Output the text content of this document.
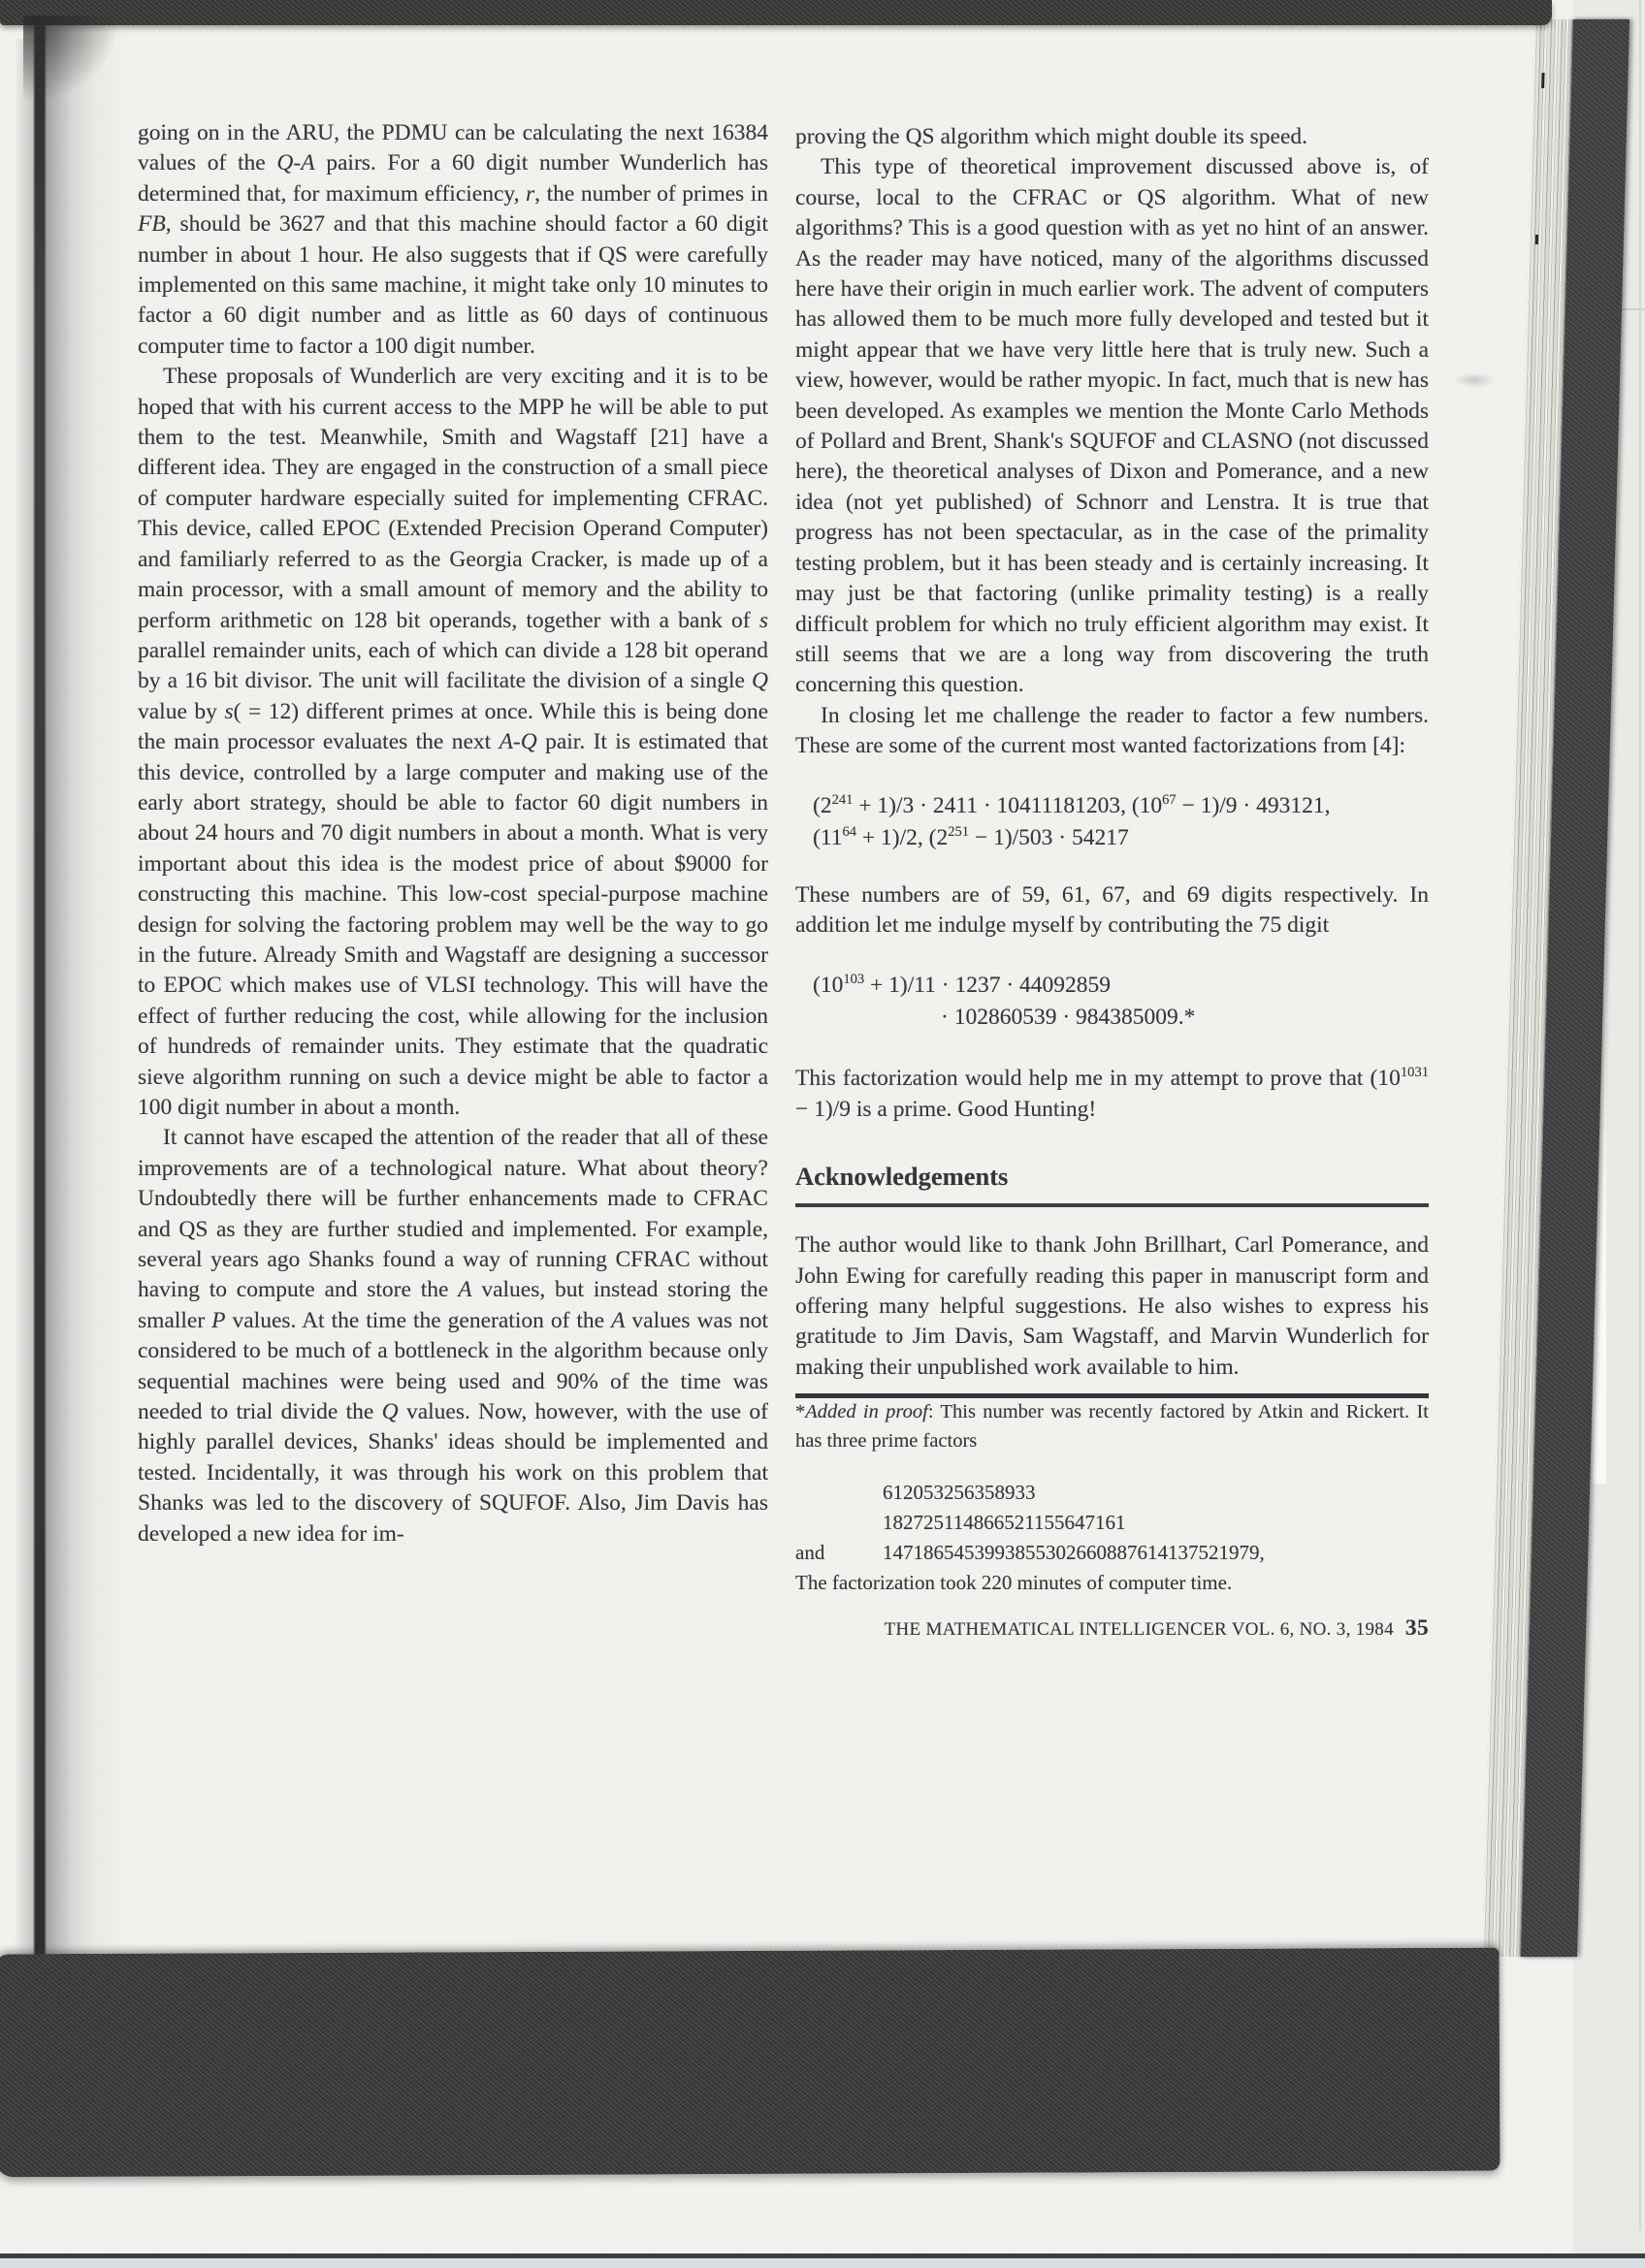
going on in the ARU, the PDMU can be calculating the next 16384 values of the Q-A pairs. For a 60 digit number Wunderlich has determined that, for maximum efficiency, r, the number of primes in FB, should be 3627 and that this machine should factor a 60 digit number in about 1 hour. He also suggests that if QS were carefully implemented on this same machine, it might take only 10 minutes to factor a 60 digit number and as little as 60 days of continuous computer time to factor a 100 digit number.

These proposals of Wunderlich are very exciting and it is to be hoped that with his current access to the MPP he will be able to put them to the test. Meanwhile, Smith and Wagstaff [21] have a different idea. They are engaged in the construction of a small piece of computer hardware especially suited for implementing CFRAC. This device, called EPOC (Extended Precision Operand Computer) and familiarly referred to as the Georgia Cracker, is made up of a main processor, with a small amount of memory and the ability to perform arithmetic on 128 bit operands, together with a bank of s parallel remainder units, each of which can divide a 128 bit operand by a 16 bit divisor. The unit will facilitate the division of a single Q value by s( = 12) different primes at once. While this is being done the main processor evaluates the next A-Q pair. It is estimated that this device, controlled by a large computer and making use of the early abort strategy, should be able to factor 60 digit numbers in about 24 hours and 70 digit numbers in about a month. What is very important about this idea is the modest price of about $9000 for constructing this machine. This low-cost special-purpose machine design for solving the factoring problem may well be the way to go in the future. Already Smith and Wagstaff are designing a successor to EPOC which makes use of VLSI technology. This will have the effect of further reducing the cost, while allowing for the inclusion of hundreds of remainder units. They estimate that the quadratic sieve algorithm running on such a device might be able to factor a 100 digit number in about a month.

It cannot have escaped the attention of the reader that all of these improvements are of a technological nature. What about theory? Undoubtedly there will be further enhancements made to CFRAC and QS as they are further studied and implemented. For example, several years ago Shanks found a way of running CFRAC without having to compute and store the A values, but instead storing the smaller P values. At the time the generation of the A values was not considered to be much of a bottleneck in the algorithm because only sequential machines were being used and 90% of the time was needed to trial divide the Q values. Now, however, with the use of highly parallel devices, Shanks' ideas should be implemented and tested. Incidentally, it was through his work on this problem that Shanks was led to the discovery of SQUFOF. Also, Jim Davis has developed a new idea for im-

proving the QS algorithm which might double its speed.

This type of theoretical improvement discussed above is, of course, local to the CFRAC or QS algorithm. What of new algorithms? This is a good question with as yet no hint of an answer. As the reader may have noticed, many of the algorithms discussed here have their origin in much earlier work. The advent of computers has allowed them to be much more fully developed and tested but it might appear that we have very little here that is truly new. Such a view, however, would be rather myopic. In fact, much that is new has been developed. As examples we mention the Monte Carlo Methods of Pollard and Brent, Shank's SQUFOF and CLASNO (not discussed here), the theoretical analyses of Dixon and Pomerance, and a new idea (not yet published) of Schnorr and Lenstra. It is true that progress has not been spectacular, as in the case of the primality testing problem, but it has been steady and is certainly increasing. It may just be that factoring (unlike primality testing) is a really difficult problem for which no truly efficient algorithm may exist. It still seems that we are a long way from discovering the truth concerning this question.

In closing let me challenge the reader to factor a few numbers. These are some of the current most wanted factorizations from [4]:

$(2^{241} + 1)/3 \cdot 2411 \cdot 10411181203$, $(10^{67} - 1)/9 \cdot 493121$,
$(11^{64} + 1)/2$, $(2^{251} - 1)/503 \cdot 54217$

These numbers are of 59, 61, 67, and 69 digits respectively. In addition let me indulge myself by contributing the 75 digit

$(10^{103} + 1)/11 \cdot 1237 \cdot 44092859$
· 102860539 · 984385009.*

This factorization would help me in my attempt to prove that $(10^{1031} - 1)/9$ is a prime. Good Hunting!

Acknowledgements

The author would like to thank John Brillhart, Carl Pomerance, and John Ewing for carefully reading this paper in manuscript form and offering many helpful suggestions. He also wishes to express his gratitude to Jim Davis, Sam Wagstaff, and Marvin Wunderlich for making their unpublished work available to him.

*Added in proof: This number was recently factored by Atkin and Rickert. It has three prime factors

612053256358933
182725114866521155647161
and	1471865453993855302660887614137521979,

The factorization took 220 minutes of computer time.

THE MATHEMATICAL INTELLIGENCER VOL. 6, NO. 3, 1984 35
